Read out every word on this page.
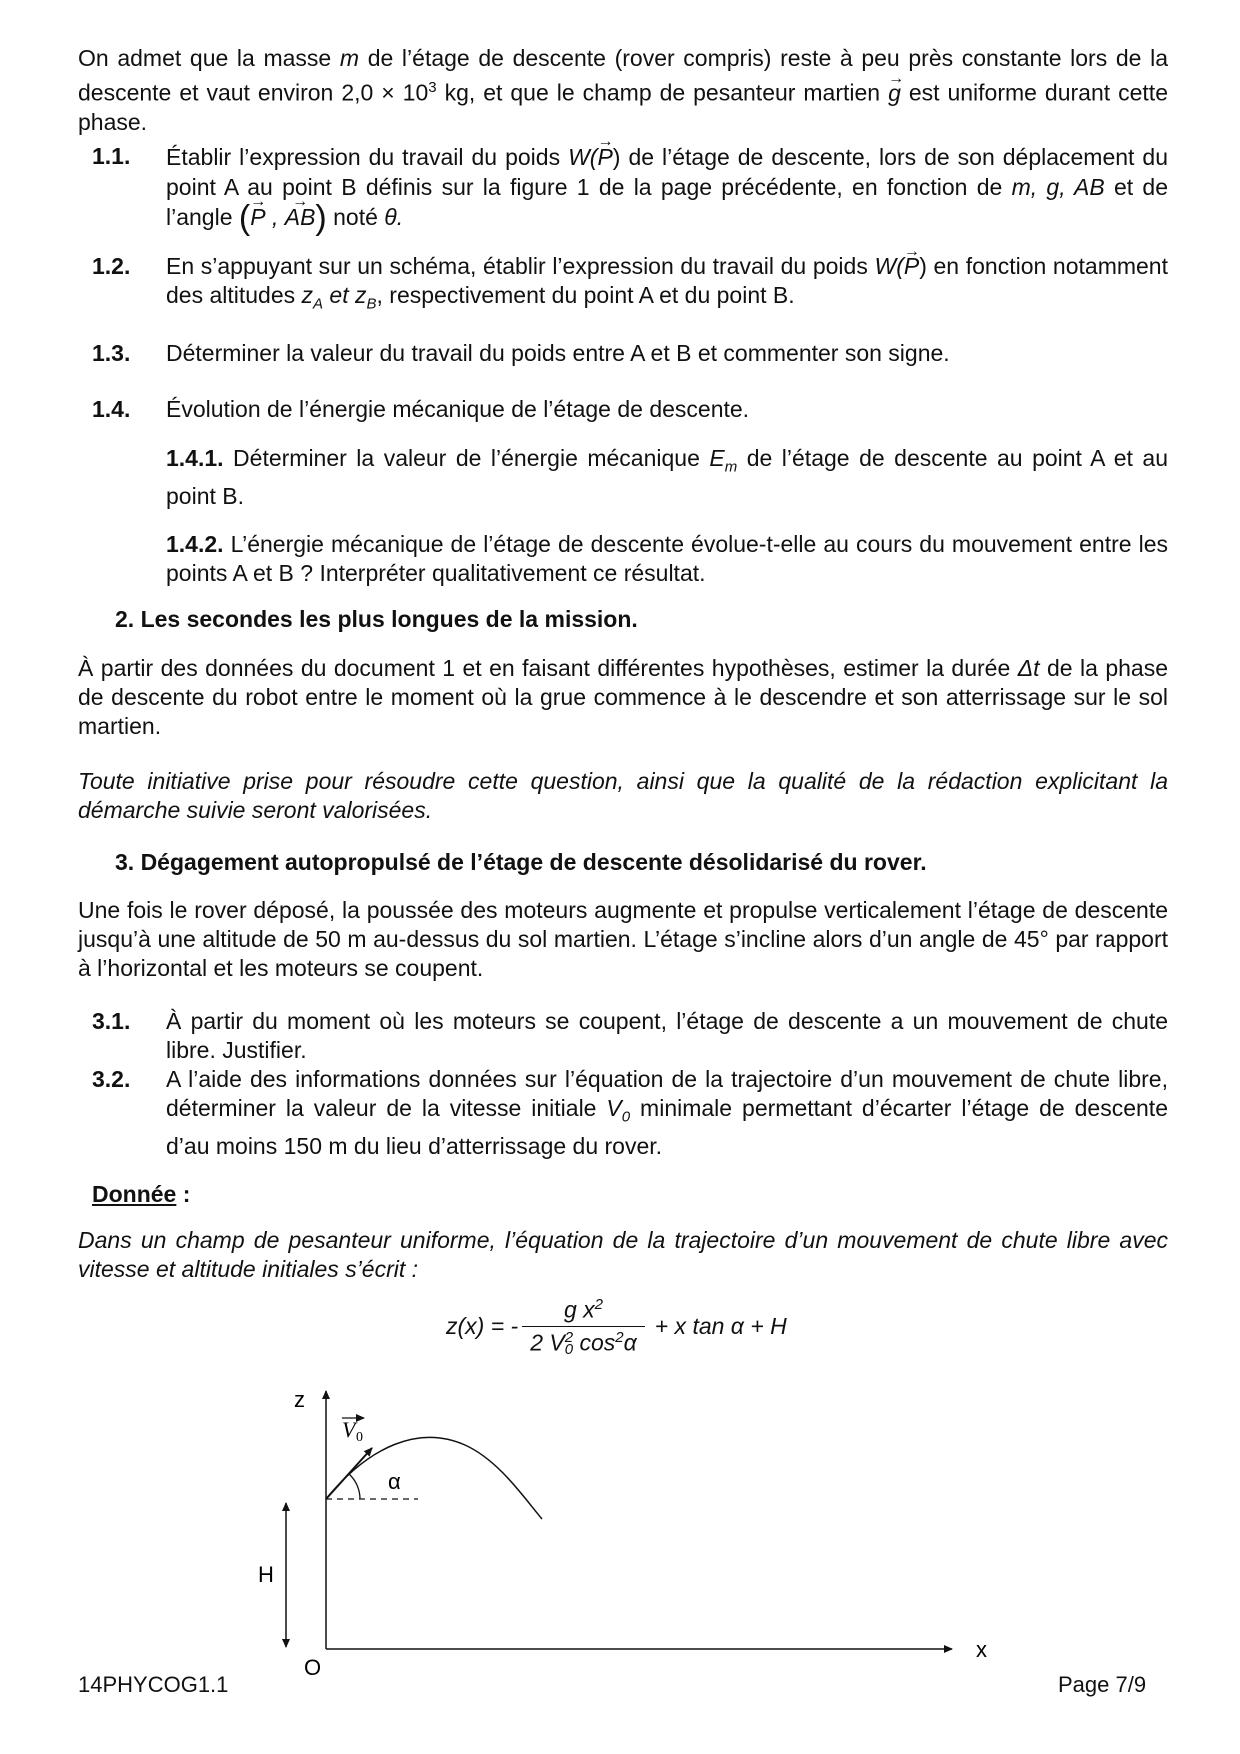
On admet que la masse m de l’étage de descente (rover compris) reste à peu près constante lors de la descente et vaut environ $2,0 \times 10^3$ kg, et que le champ de pesanteur martien → g est uniforme durant cette phase.
1.1. Établir l’expression du travail du poids W(→ P) de l’étage de descente, lors de son déplacement du point A au point B définis sur la figure 1 de la page précédente, en fonction de m, g, AB et de l’angle (→ P , → AB) noté θ.
1.2. En s’appuyant sur un schéma, établir l’expression du travail du poids W(→ P) en fonction notamment des altitudes $z_A$ et $z_B$, respectivement du point A et du point B.
1.3. Déterminer la valeur du travail du poids entre A et B et commenter son signe.
1.4. Évolution de l’énergie mécanique de l’étage de descente.
1.4.1. Déterminer la valeur de l’énergie mécanique $E_m$ de l’étage de descente au point A et au point B.
1.4.2. L’énergie mécanique de l’étage de descente évolue-t-elle au cours du mouvement entre les points A et B ? Interpréter qualitativement ce résultat.
2. Les secondes les plus longues de la mission.
À partir des données du document 1 et en faisant différentes hypothèses, estimer la durée Δt de la phase de descente du robot entre le moment où la grue commence à le descendre et son atterrissage sur le sol martien.
Toute initiative prise pour résoudre cette question, ainsi que la qualité de la rédaction explicitant la démarche suivie seront valorisées.
3. Dégagement autopropulsé de l’étage de descente désolidarisé du rover.
Une fois le rover déposé, la poussée des moteurs augmente et propulse verticalement l’étage de descente jusqu’à une altitude de 50 m au-dessus du sol martien. L’étage s’incline alors d’un angle de 45° par rapport à l’horizontal et les moteurs se coupent.
3.1. À partir du moment où les moteurs se coupent, l’étage de descente a un mouvement de chute libre. Justifier.
3.2. A l’aide des informations données sur l’équation de la trajectoire d’un mouvement de chute libre, déterminer la valeur de la vitesse initiale $V_0$ minimale permettant d’écarter l’étage de descente d’au moins 150 m du lieu d’atterrissage du rover.
Donnée :
Dans un champ de pesanteur uniforme, l’équation de la trajectoire d’un mouvement de chute libre avec vitesse et altitude initiales s’écrit :
z(x) = -	g $x^2$	+ x tan α + H
2 V 2
0 $\cos^2\alpha$
z
x
H
O
α
V 0
14PHYCOG1.1	Page 7/9
